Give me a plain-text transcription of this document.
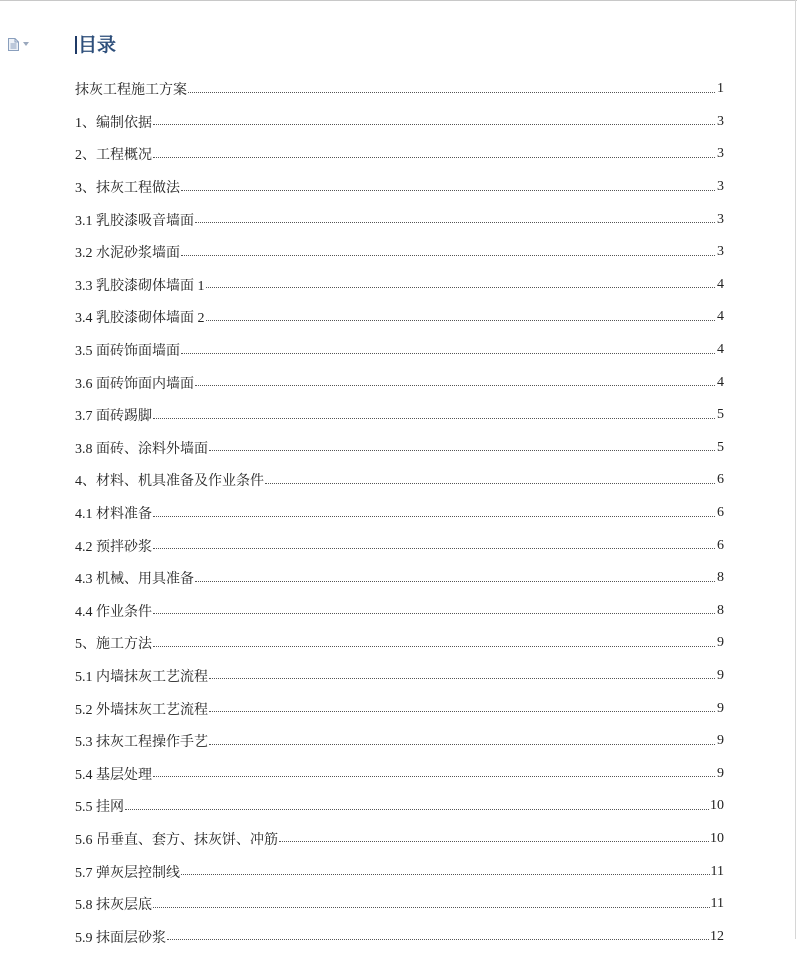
目录
抹灰工程施工方案	1
1、编制依据	3
2、工程概况	3
3、抹灰工程做法	3
3.1 乳胶漆吸音墙面	3
3.2 水泥砂浆墙面	3
3.3 乳胶漆砌体墙面 1	4
3.4 乳胶漆砌体墙面 2	4
3.5 面砖饰面墙面	4
3.6 面砖饰面内墙面	4
3.7 面砖踢脚	5
3.8 面砖、涂料外墙面	5
4、材料、机具准备及作业条件	6
4.1 材料准备	6
4.2 预拌砂浆	6
4.3 机械、用具准备	8
4.4 作业条件	8
5、施工方法	9
5.1 内墙抹灰工艺流程	9
5.2 外墙抹灰工艺流程	9
5.3 抹灰工程操作手艺	9
5.4 基层处理	9
5.5 挂网	10
5.6 吊垂直、套方、抹灰饼、冲筋	10
5.7 弹灰层控制线	11
5.8 抹灰层底	11
5.9 抹面层砂浆	12
